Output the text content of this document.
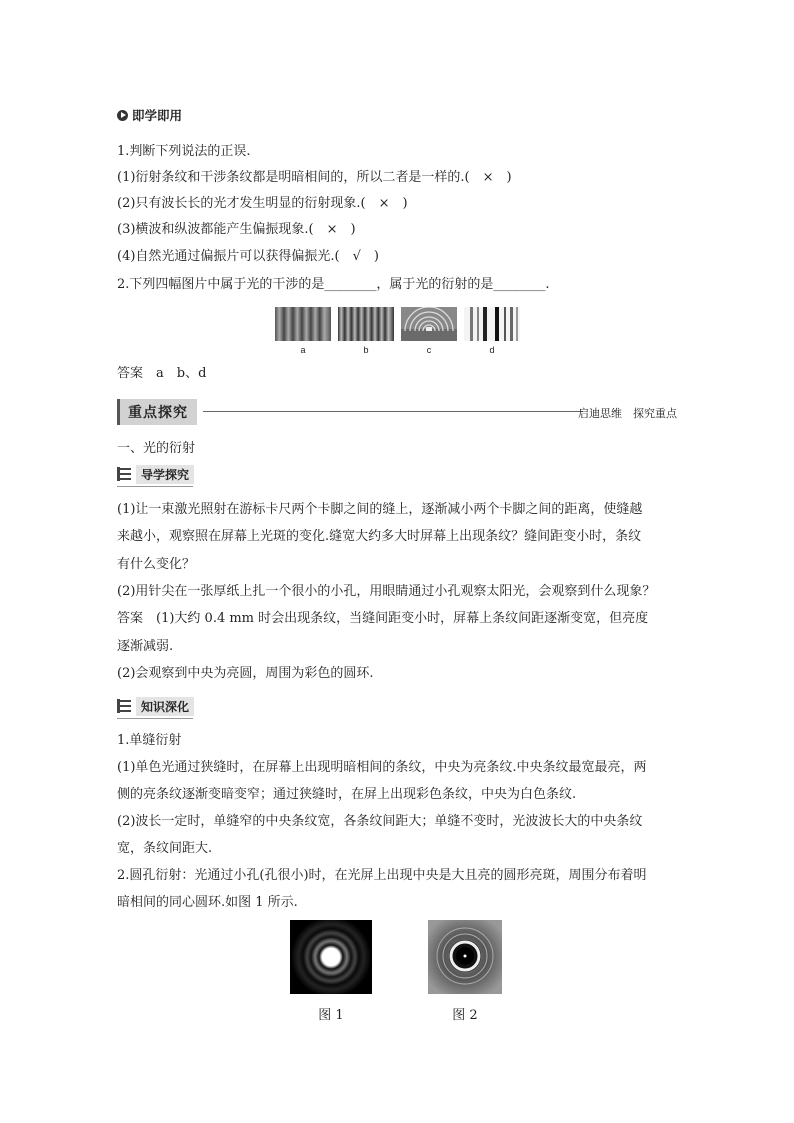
即学即用
1.判断下列说法的正误.
(1)衍射条纹和干涉条纹都是明暗相间的，所以二者是一样的.(　×　)
(2)只有波长长的光才发生明显的衍射现象.(　×　)
(3)横波和纵波都能产生偏振现象.(　×　)
(4)自然光通过偏振片可以获得偏振光.(　√　)
2.下列四幅图片中属于光的干涉的是________，属于光的衍射的是________.
a	b	c	d
答案　a　b、d
重点探究	启迪思维　探究重点
一、光的衍射
导学探究
(1)让一束激光照射在游标卡尺两个卡脚之间的缝上，逐渐减小两个卡脚之间的距离，使缝越
来越小，观察照在屏幕上光斑的变化.缝宽大约多大时屏幕上出现条纹？缝间距变小时，条纹
有什么变化？
(2)用针尖在一张厚纸上扎一个很小的小孔，用眼睛通过小孔观察太阳光，会观察到什么现象？
答案　(1)大约 0.4 mm 时会出现条纹，当缝间距变小时，屏幕上条纹间距逐渐变宽，但亮度
逐渐减弱.
(2)会观察到中央为亮圆，周围为彩色的圆环.
知识深化
1.单缝衍射
(1)单色光通过狭缝时，在屏幕上出现明暗相间的条纹，中央为亮条纹.中央条纹最宽最亮，两
侧的亮条纹逐渐变暗变窄；通过狭缝时，在屏上出现彩色条纹，中央为白色条纹.
(2)波长一定时，单缝窄的中央条纹宽，各条纹间距大；单缝不变时，光波波长大的中央条纹
宽，条纹间距大.
2.圆孔衍射：光通过小孔(孔很小)时，在光屏上出现中央是大且亮的圆形亮斑，周围分布着明
暗相间的同心圆环.如图 1 所示.
图 1	图 2
